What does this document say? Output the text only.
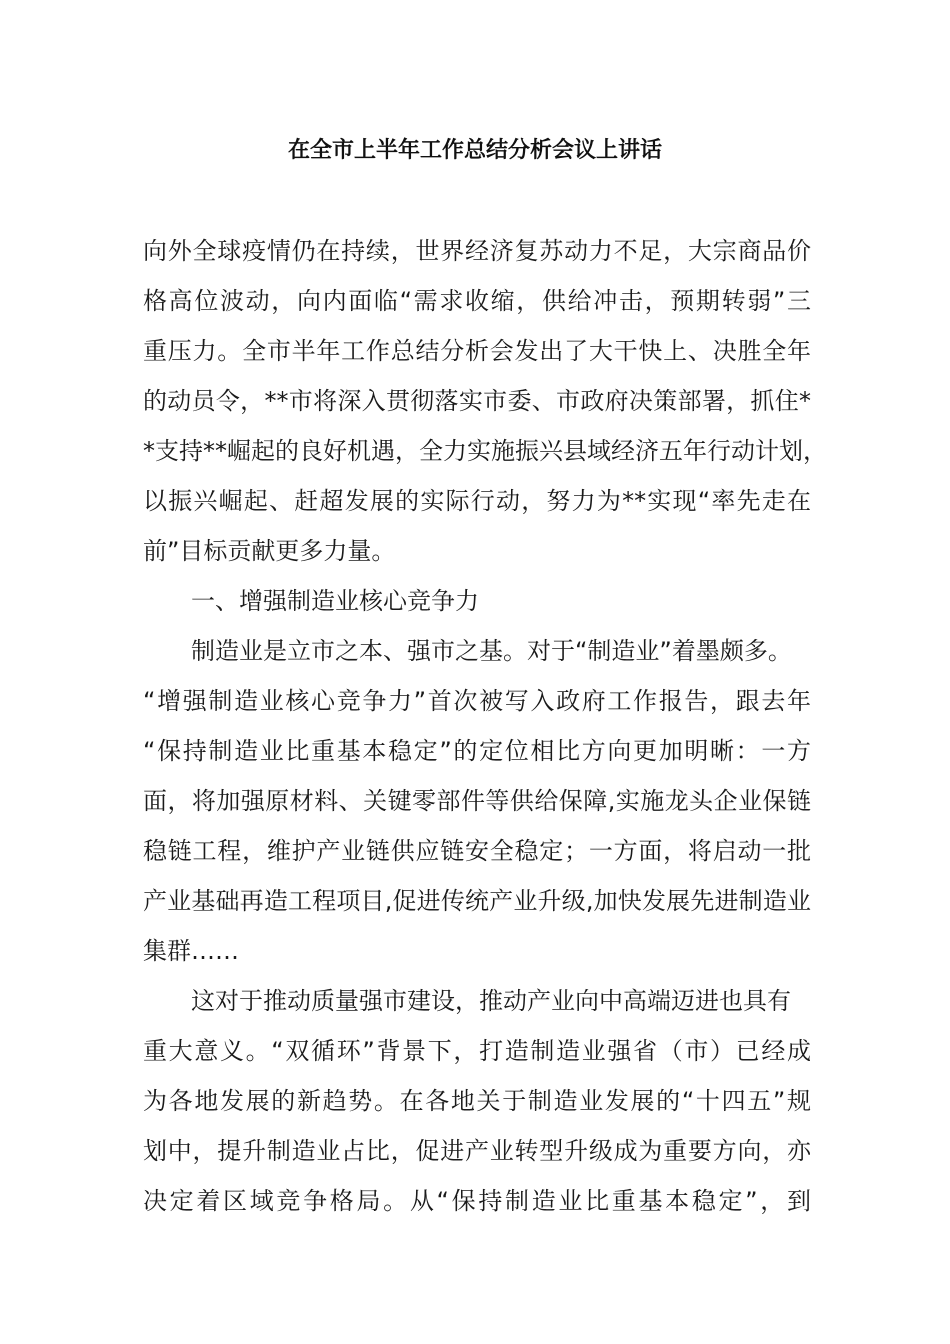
在全市上半年工作总结分析会议上讲话
向外全球疫情仍在持续，世界经济复苏动力不足，大宗商品价
格高位波动，向内面临“需求收缩，供给冲击，预期转弱”三
重压力。全市半年工作总结分析会发出了大干快上、决胜全年
的动员令，**市将深入贯彻落实市委、市政府决策部署，抓住*
*支持**崛起的良好机遇，全力实施振兴县域经济五年行动计划，
以振兴崛起、赶超发展的实际行动，努力为**实现“率先走在
前”目标贡献更多力量。
一、增强制造业核心竞争力
制造业是立市之本、强市之基。对于“制造业”着墨颇多。
“增强制造业核心竞争力”首次被写入政府工作报告，跟去年
“保持制造业比重基本稳定”的定位相比方向更加明晰：一方
面，将加强原材料、关键零部件等供给保障,实施龙头企业保链
稳链工程，维护产业链供应链安全稳定；一方面，将启动一批
产业基础再造工程项目,促进传统产业升级,加快发展先进制造业
集群……
这对于推动质量强市建设，推动产业向中高端迈进也具有
重大意义。“双循环”背景下，打造制造业强省（市）已经成
为各地发展的新趋势。在各地关于制造业发展的“十四五”规
划中，提升制造业占比，促进产业转型升级成为重要方向，亦
决定着区域竞争格局。从“保持制造业比重基本稳定”，到
